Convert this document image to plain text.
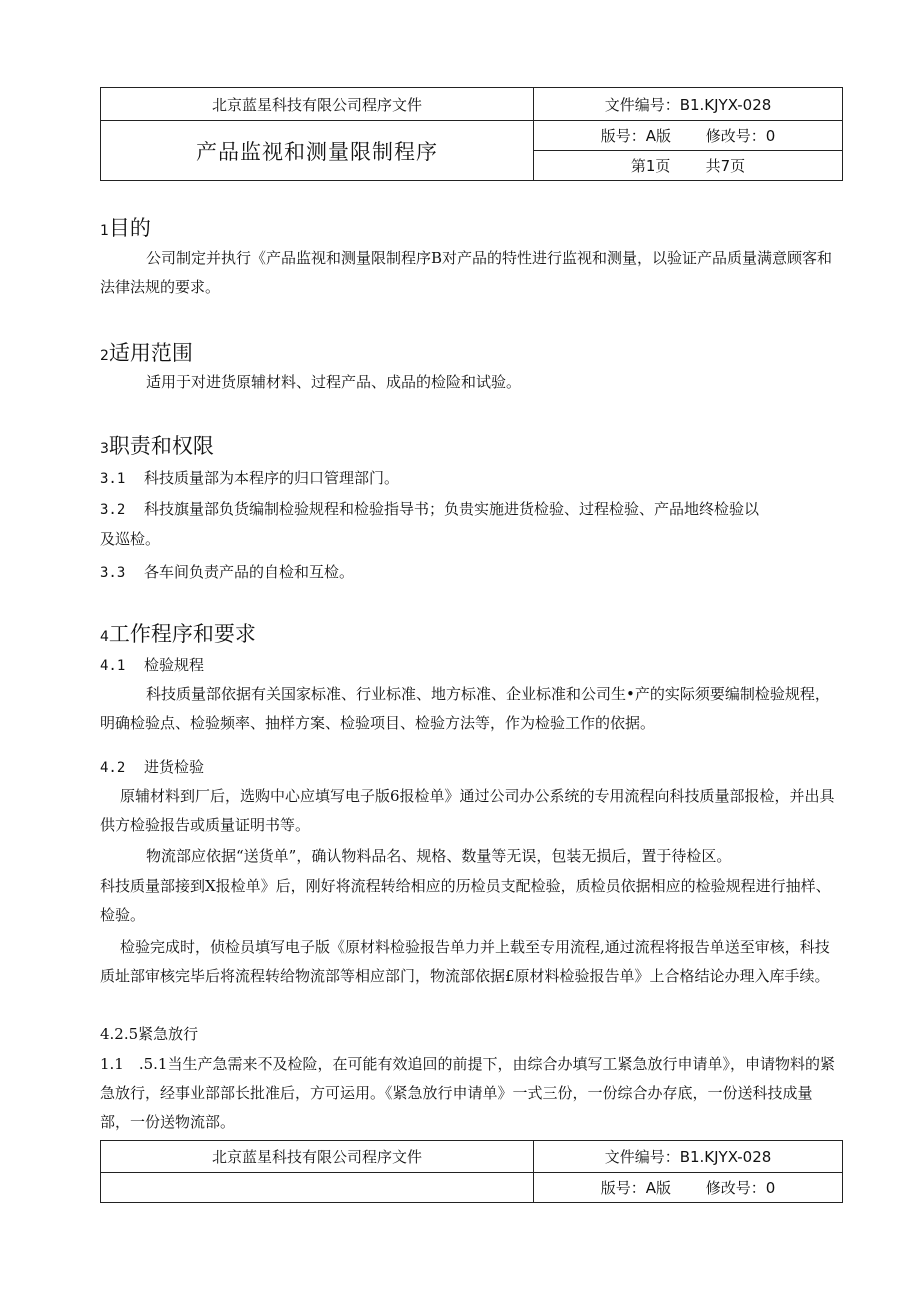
北京蓝星科技有限公司程序文件	文件编号：B1.KJYX-028
产品监视和测量限制程序	版号：A版 修改号：0
	第1页 共7页
1目的

公司制定并执行《产品监视和测量限制程序B对产品的特性进行监视和测量，以验证产品质量满意顾客和法律法规的要求。

2适用范围

适用于对进货原辅材料、过程产品、成品的检险和试验。

3职责和权限

3.1 科技质量部为本程序的归口管理部门。

3.2 科技旗量部负货编制检验规程和检验指导书；负贵实施进货检验、过程检验、产品地终检验以

及巡检。

3.3 各车间负责产品的自检和互检。

4工作程序和要求

4.1 检验规程

科技质量部依据有关国家标准、行业标准、地方标准、企业标准和公司生•产的实际须要编制检验规程，明确检验点、检验频率、抽样方案、检验项目、检验方法等，作为检验工作的依据。

4.2 进货检验

原辅材料到厂后，选购中心应填写电子版6报检单》通过公司办公系统的专用流程向科技质量部报检，并出具供方检验报告或质量证明书等。

物流部应依据“送货单”，确认物料品名、规格、数量等无误，包装无损后，置于待检区。

科技质量部接到X报检单》后，刚好将流程转给相应的历检员支配检验，质检员依据相应的检验规程进行抽样、检验。

检验完成时，侦检员填写电子版《原材料检验报告单力并上载至专用流程,通过流程将报告单送至审核，科技质址部审核完毕后将流程转给物流部等相应部门，物流部依据£原材料检验报告单》上合格结论办理入库手续。

4.2.5紧急放行

1.1　.5.1当生产急需来不及检险，在可能有效追回的前提下，由综合办填写工紧急放行申请单》，申请物料的紧急放行，经事业部部长批准后，方可运用。《紧急放行申请单》一式三份，一份综合办存底，一份送科技成量部，一份送物流部。

北京蓝星科技有限公司程序文件	文件编号：B1.KJYX-028
	版号：A版 修改号：0
